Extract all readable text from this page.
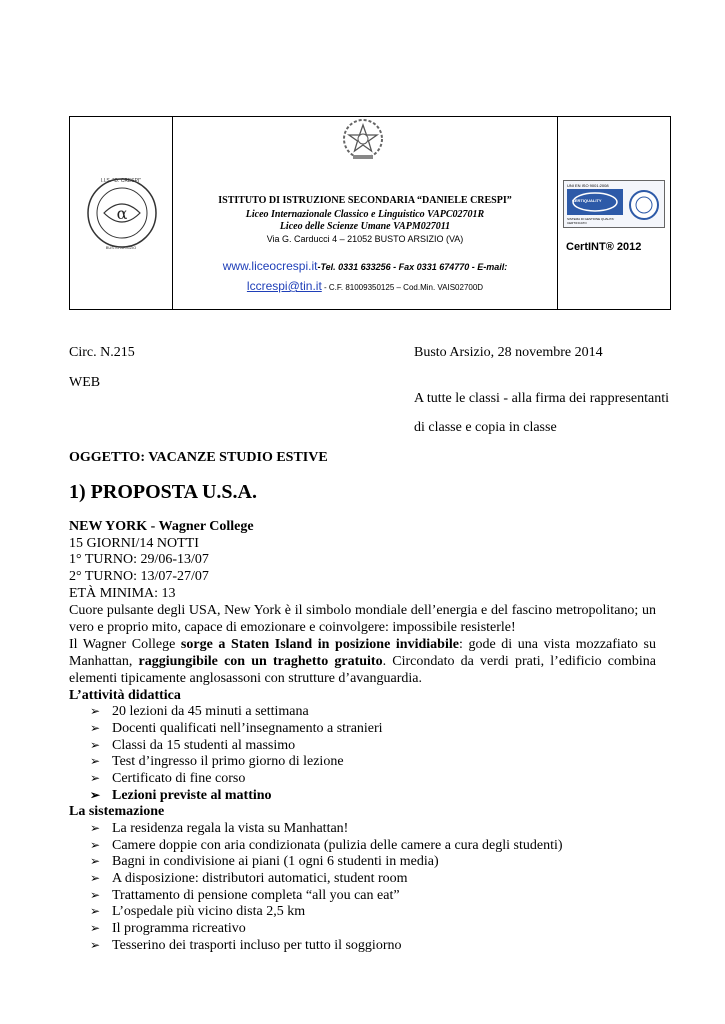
α
I.I.S. "D. CRESPI"
BUSTO ARSIZIO
ISTITUTO DI ISTRUZIONE SECONDARIA “DANIELE CRESPI”
Liceo Internazionale Classico e Linguistico VAPC02701R
Liceo delle Scienze Umane VAPM027011
Via G. Carducci 4 – 21052 BUSTO ARSIZIO (VA)
www.liceocrespi.it-Tel. 0331 633256 - Fax 0331 674770 - E-mail:
lccrespi@tin.it - C.F. 81009350125 – Cod.Min. VAIS02700D
UNI EN ISO 9001:2008
CERTIQUALITY
SISTEMA DI GESTIONE QUALITA' CERTIFICATO
CertINT® 2012
Circ. N.215
WEB
Busto Arsizio, 28 novembre 2014
A tutte le classi - alla firma dei rappresentanti
di classe e copia in classe
OGGETTO: VACANZE STUDIO ESTIVE
1) PROPOSTA U.S.A.
NEW YORK - Wagner College
15 GIORNI/14 NOTTI
1° TURNO: 29/06-13/07
2° TURNO: 13/07-27/07
ETÀ MINIMA: 13
Cuore pulsante degli USA, New York è il simbolo mondiale dell’energia e del fascino metropolitano; un vero e proprio mito, capace di emozionare e coinvolgere: impossibile resisterle!
Il Wagner College sorge a Staten Island in posizione invidiabile: gode di una vista mozzafiato su Manhattan, raggiungibile con un traghetto gratuito. Circondato da verdi prati, l’edificio combina elementi tipicamente anglosassoni con strutture d’avanguardia.
L’attività didattica
➢ 20 lezioni da 45 minuti a settimana
➢ Docenti qualificati nell’insegnamento a stranieri
➢ Classi da 15 studenti al massimo
➢ Test d’ingresso il primo giorno di lezione
➢ Certificato di fine corso
➢ Lezioni previste al mattino
La sistemazione
➢ La residenza regala la vista su Manhattan!
➢ Camere doppie con aria condizionata (pulizia delle camere a cura degli studenti)
➢ Bagni in condivisione ai piani (1 ogni 6 studenti in media)
➢ A disposizione: distributori automatici, student room
➢ Trattamento di pensione completa “all you can eat”
➢ L’ospedale più vicino dista 2,5 km
➢ Il programma ricreativo
➢ Tesserino dei trasporti incluso per tutto il soggiorno
